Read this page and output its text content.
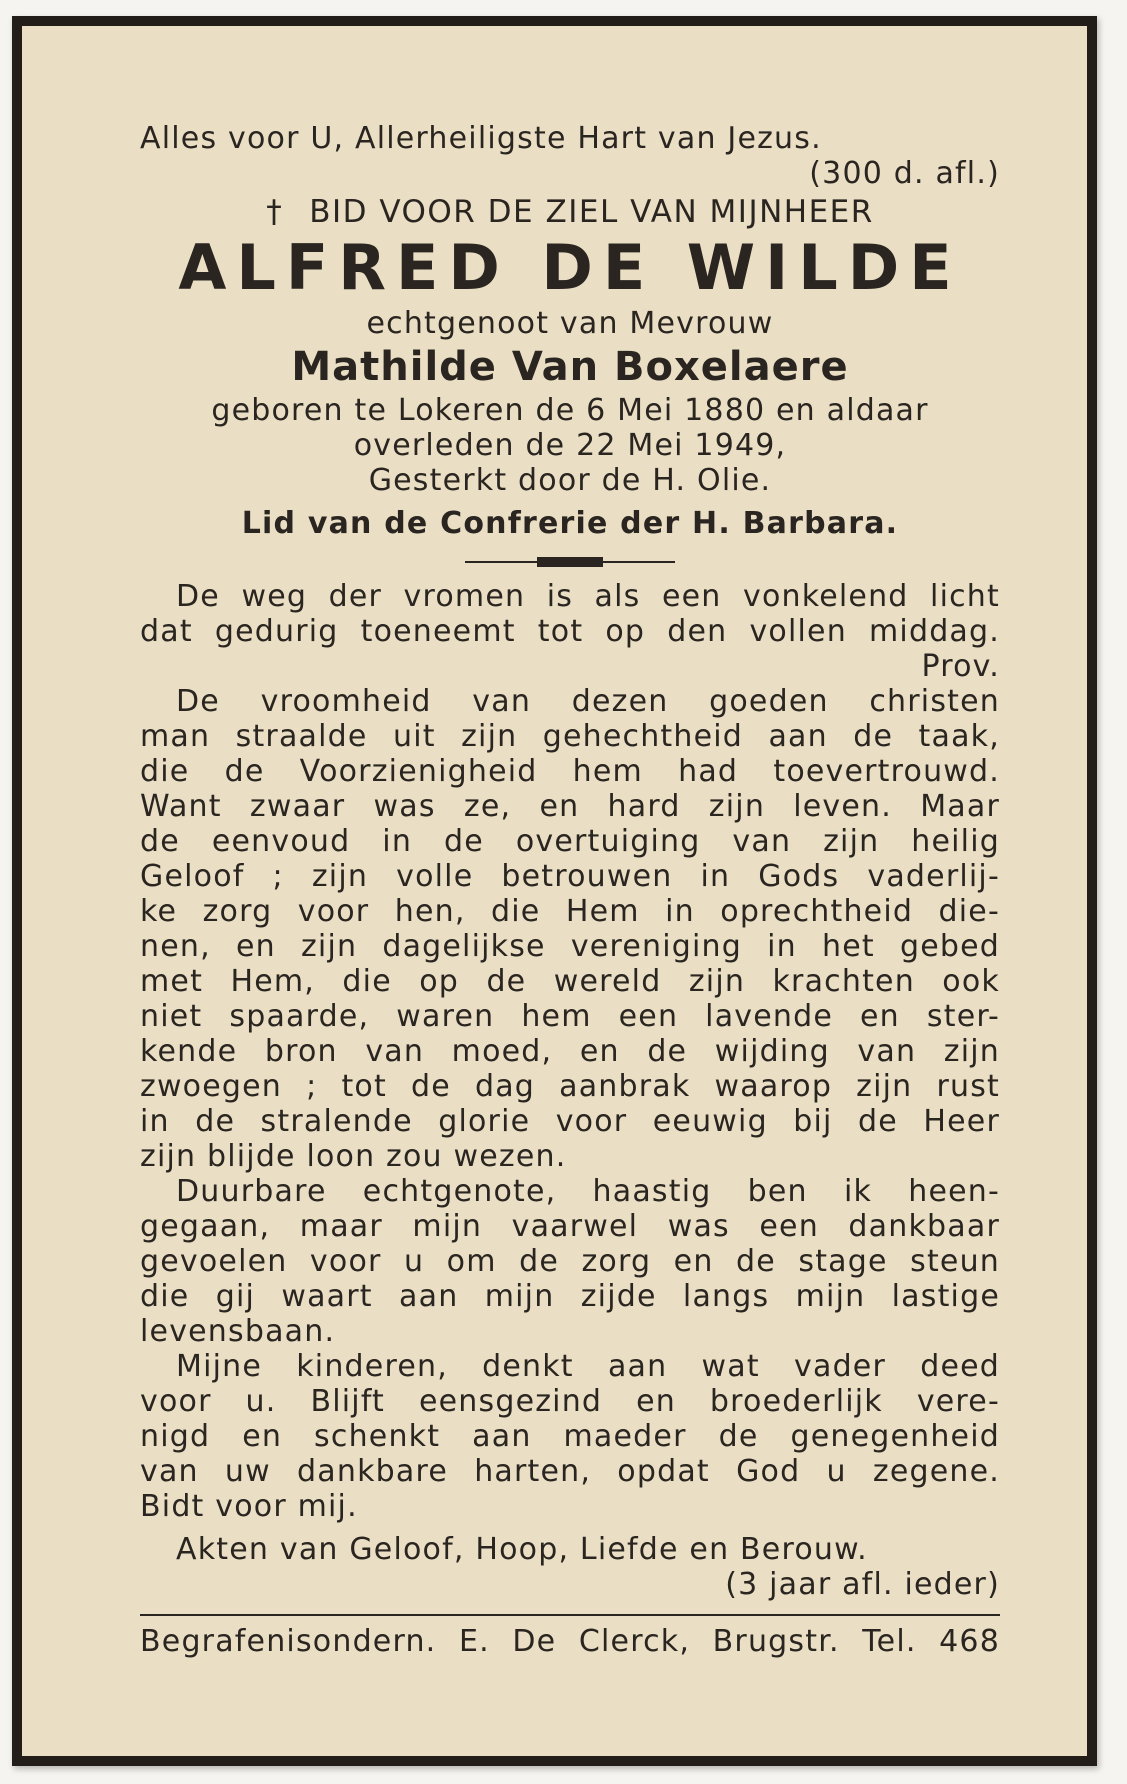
Alles voor U, Allerheiligste Hart van Jezus.
(300 d. afl.)
† BID VOOR DE ZIEL VAN MIJNHEER
ALFRED DE WILDE
echtgenoot van Mevrouw
Mathilde Van Boxelaere
geboren te Lokeren de 6 Mei 1880 en aldaar
overleden de 22 Mei 1949,
Gesterkt door de H. Olie.
Lid van de Confrerie der H. Barbara.
De weg der vromen is als een vonkelend licht
dat gedurig toeneemt tot op den vollen middag.
Prov.
De vroomheid van dezen goeden christen
man straalde uit zijn gehechtheid aan de taak,
die de Voorzienigheid hem had toevertrouwd.
Want zwaar was ze, en hard zijn leven. Maar
de eenvoud in de overtuiging van zijn heilig
Geloof ; zijn volle betrouwen in Gods vaderlij-
ke zorg voor hen, die Hem in oprechtheid die-
nen, en zijn dagelijkse vereniging in het gebed
met Hem, die op de wereld zijn krachten ook
niet spaarde, waren hem een lavende en ster-
kende bron van moed, en de wijding van zijn
zwoegen ; tot de dag aanbrak waarop zijn rust
in de stralende glorie voor eeuwig bij de Heer
zijn blijde loon zou wezen.
Duurbare echtgenote, haastig ben ik heen-
gegaan, maar mijn vaarwel was een dankbaar
gevoelen voor u om de zorg en de stage steun
die gij waart aan mijn zijde langs mijn lastige
levensbaan.
Mijne kinderen, denkt aan wat vader deed
voor u. Blijft eensgezind en broederlijk vere-
nigd en schenkt aan maeder de genegenheid
van uw dankbare harten, opdat God u zegene.
Bidt voor mij.
Akten van Geloof, Hoop, Liefde en Berouw.
(3 jaar afl. ieder)
Begrafenisondern. E. De Clerck, Brugstr. Tel. 468
